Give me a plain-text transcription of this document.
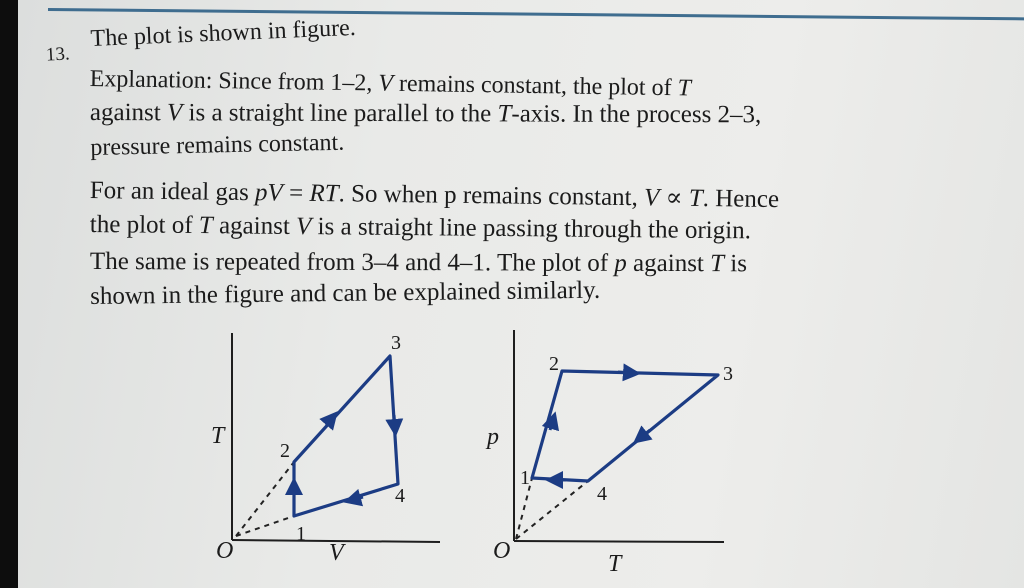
13.
The plot is shown in figure.
Explanation: Since from 1–2, V remains constant, the plot of T
against V is a straight line parallel to the T-axis. In the process 2–3,
pressure remains constant.
For an ideal gas pV = RT. So when p remains constant, V ∝ T. Hence
the plot of T against V is a straight line passing through the origin.
The same is repeated from 3–4 and 4–1. The plot of p against T is
shown in the figure and can be explained similarly.
T
V
O
1
2
3
4
p
T
O
1
2	3
4
